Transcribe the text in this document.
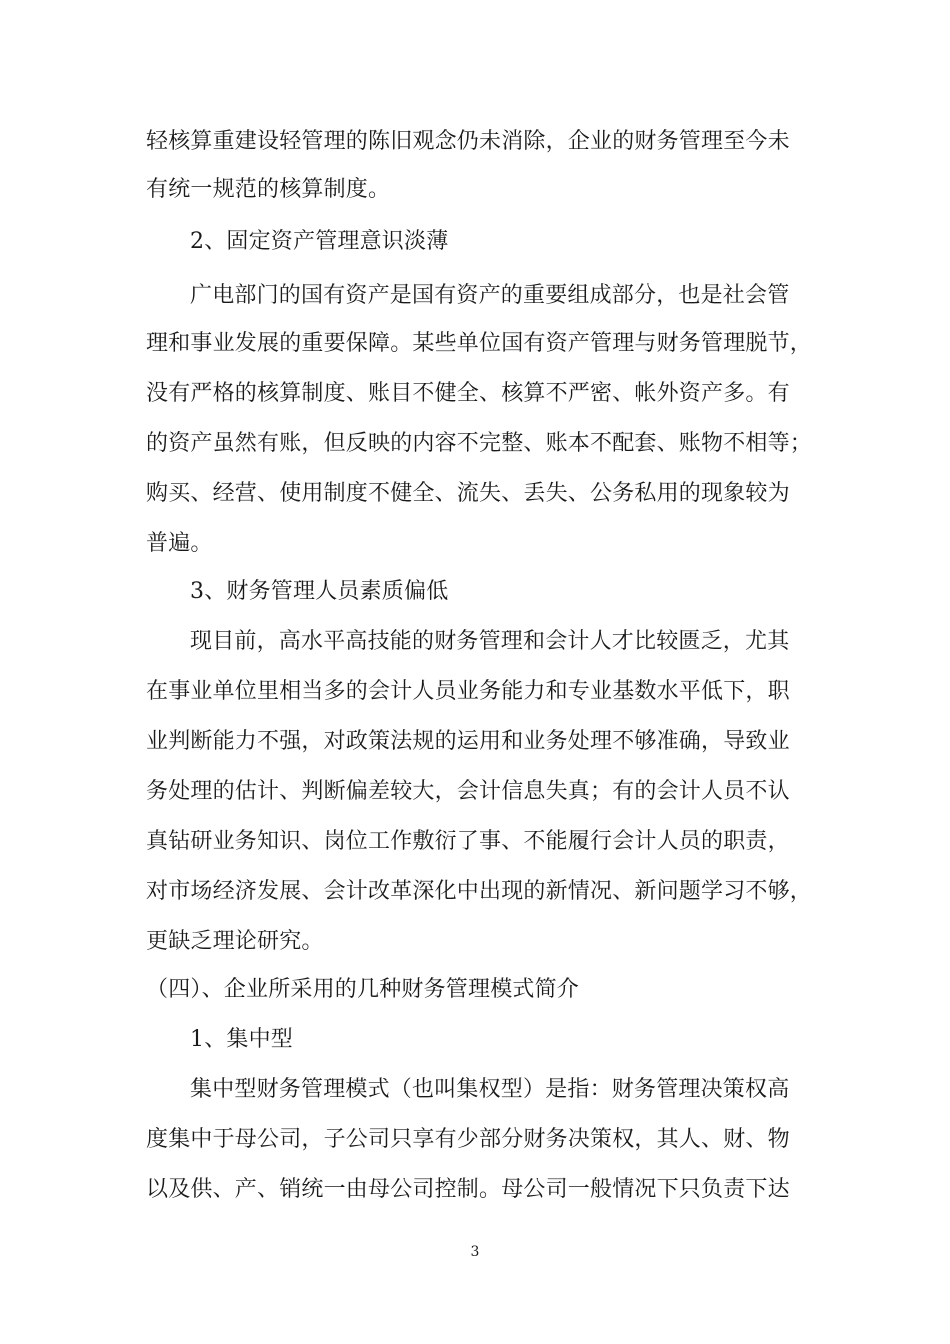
轻核算重建设轻管理的陈旧观念仍未消除，企业的财务管理至今未
有统一规范的核算制度。
2、固定资产管理意识淡薄
广电部门的国有资产是国有资产的重要组成部分，也是社会管
理和事业发展的重要保障。某些单位国有资产管理与财务管理脱节，
没有严格的核算制度、账目不健全、核算不严密、帐外资产多。有
的资产虽然有账，但反映的内容不完整、账本不配套、账物不相等；
购买、经营、使用制度不健全、流失、丢失、公务私用的现象较为
普遍。
3、财务管理人员素质偏低
现目前，高水平高技能的财务管理和会计人才比较匮乏，尤其
在事业单位里相当多的会计人员业务能力和专业基数水平低下，职
业判断能力不强，对政策法规的运用和业务处理不够准确，导致业
务处理的估计、判断偏差较大，会计信息失真；有的会计人员不认
真钻研业务知识、岗位工作敷衍了事、不能履行会计人员的职责，
对市场经济发展、会计改革深化中出现的新情况、新问题学习不够，
更缺乏理论研究。
（四）、企业所采用的几种财务管理模式简介
1、集中型
集中型财务管理模式（也叫集权型）是指：财务管理决策权高
度集中于母公司，子公司只享有少部分财务决策权，其人、财、物
以及供、产、销统一由母公司控制。母公司一般情况下只负责下达
3
